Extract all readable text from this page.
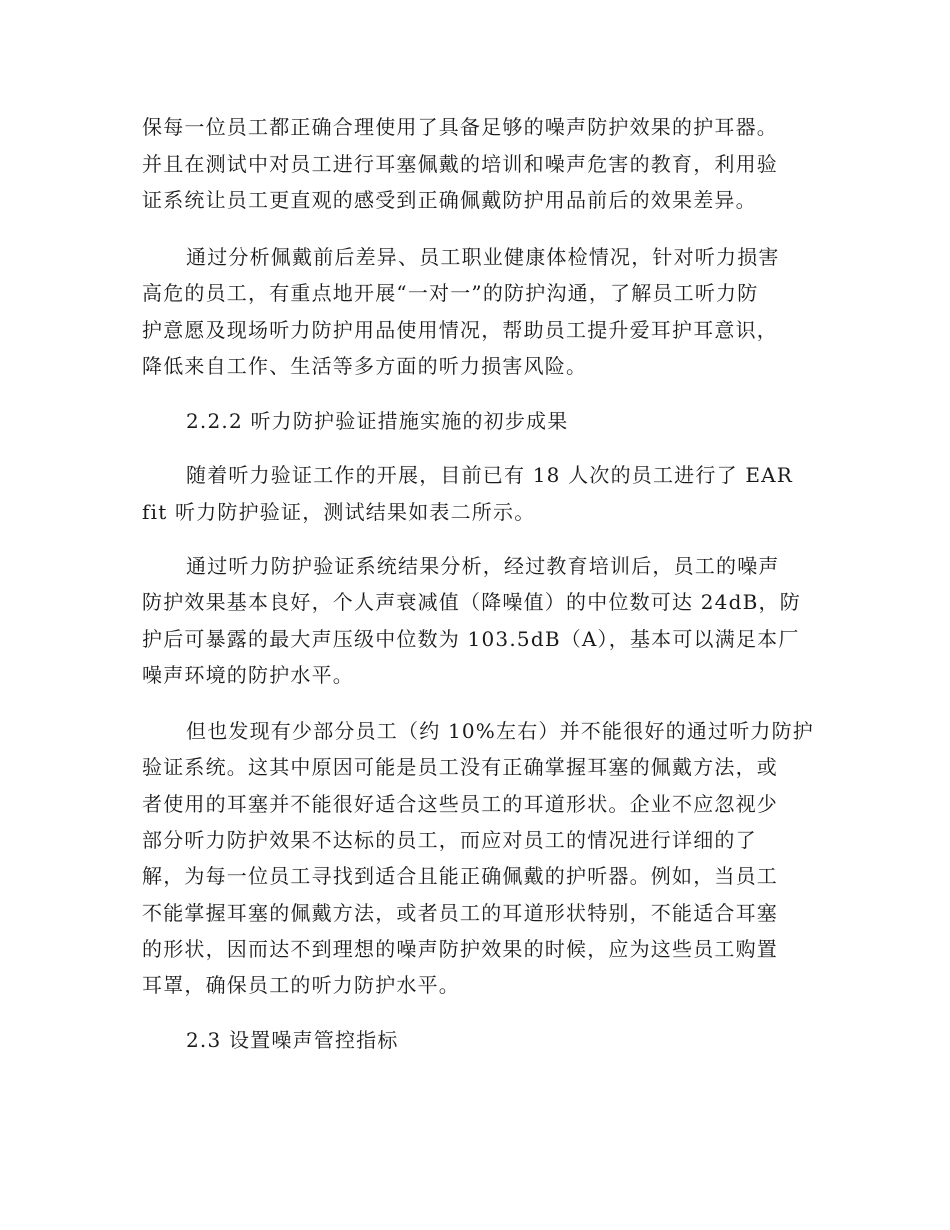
保每一位员工都正确合理使用了具备足够的噪声防护效果的护耳器。
并且在测试中对员工进行耳塞佩戴的培训和噪声危害的教育，利用验
证系统让员工更直观的感受到正确佩戴防护用品前后的效果差异。
通过分析佩戴前后差异、员工职业健康体检情况，针对听力损害
高危的员工，有重点地开展“一对一”的防护沟通，了解员工听力防
护意愿及现场听力防护用品使用情况，帮助员工提升爱耳护耳意识，
降低来自工作、生活等多方面的听力损害风险。
2.2.2 听力防护验证措施实施的初步成果
随着听力验证工作的开展，目前已有 18 人次的员工进行了 EAR
fit 听力防护验证，测试结果如表二所示。
通过听力防护验证系统结果分析，经过教育培训后，员工的噪声
防护效果基本良好，个人声衰减值（降噪值）的中位数可达 24dB，防
护后可暴露的最大声压级中位数为 103.5dB（A），基本可以满足本厂
噪声环境的防护水平。
但也发现有少部分员工（约 10%左右）并不能很好的通过听力防护
验证系统。这其中原因可能是员工没有正确掌握耳塞的佩戴方法，或
者使用的耳塞并不能很好适合这些员工的耳道形状。企业不应忽视少
部分听力防护效果不达标的员工，而应对员工的情况进行详细的了
解，为每一位员工寻找到适合且能正确佩戴的护听器。例如，当员工
不能掌握耳塞的佩戴方法，或者员工的耳道形状特别，不能适合耳塞
的形状，因而达不到理想的噪声防护效果的时候，应为这些员工购置
耳罩，确保员工的听力防护水平。
2.3 设置噪声管控指标
